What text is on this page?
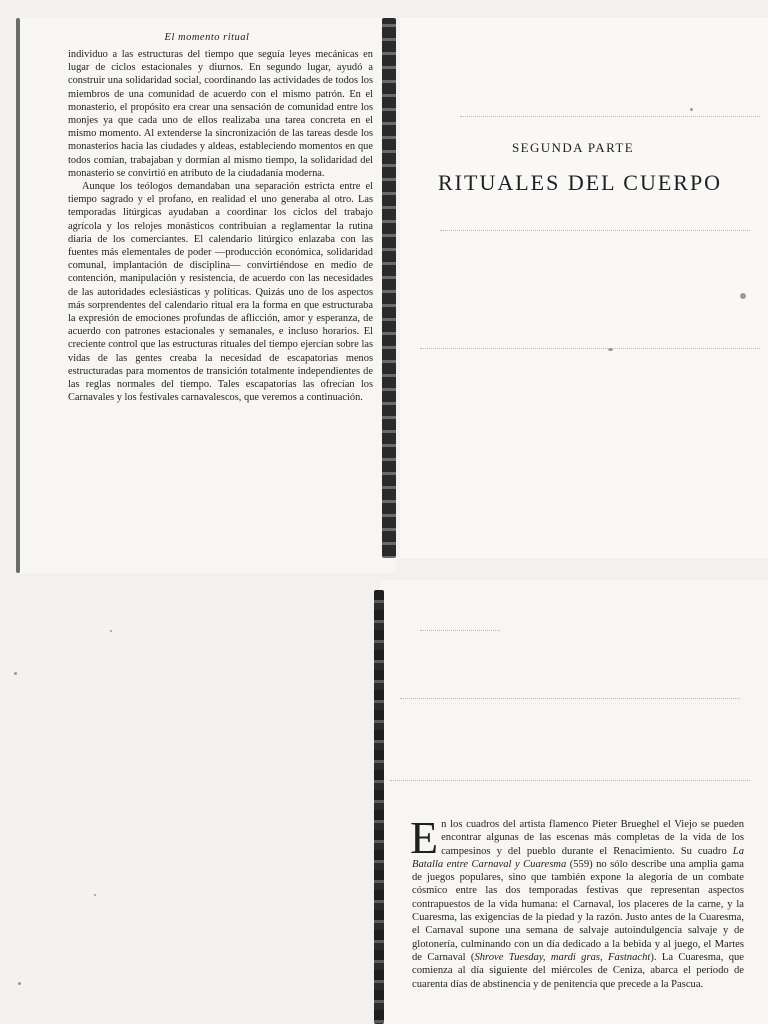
El momento ritual

individuo a las estructuras del tiempo que seguía leyes mecánicas en lugar de ciclos estacionales y diurnos. En segundo lugar, ayudó a construir una solidaridad social, coordinando las actividades de todos los miembros de una comunidad de acuerdo con el mismo patrón. En el monasterio, el propósito era crear una sensación de comunidad entre los monjes ya que cada uno de ellos realizaba una tarea concreta en el mismo momento. Al extenderse la sincronización de las tareas desde los monasterios hacia las ciudades y aldeas, estableciendo momentos en que todos comían, trabajaban y dormían al mismo tiempo, la solidaridad del monasterio se convirtió en atributo de la ciudadanía moderna.

Aunque los teólogos demandaban una separación estricta entre el tiempo sagrado y el profano, en realidad el uno generaba al otro. Las temporadas litúrgicas ayudaban a coordinar los ciclos del trabajo agrícola y los relojes monásticos contribuían a reglamentar la rutina diaria de los comerciantes. El calendario litúrgico enlazaba con las fuentes más elementales de poder —producción económica, solidaridad comunal, implantación de disciplina— convirtiéndose en medio de contención, manipulación y resistencia, de acuerdo con las necesidades de las autoridades eclesiásticas y políticas. Quizás uno de los aspectos más sorprendentes del calendario ritual era la forma en que estructuraba la expresión de emociones profundas de aflicción, amor y esperanza, de acuerdo con patrones estacionales y semanales, e incluso horarios. El creciente control que las estructuras rituales del tiempo ejercían sobre las vidas de las gentes creaba la necesidad de escapatorias menos estructuradas para momentos de transición totalmente independientes de las reglas normales del tiempo. Tales escapatorias las ofrecían los Carnavales y los festivales carnavalescos, que veremos a continuación.

SEGUNDA PARTE
RITUALES DEL CUERPO
En los cuadros del artista flamenco Pieter Brueghel el Viejo se pueden encontrar algunas de las escenas más completas de la vida de los campesinos y del pueblo durante el Renacimiento. Su cuadro La Batalla entre Carnaval y Cuaresma (559) no sólo describe una amplia gama de juegos populares, sino que también expone la alegoría de un combate cósmico entre las dos temporadas festivas que representan aspectos contrapuestos de la vida humana: el Carnaval, los placeres de la carne, y la Cuaresma, las exigencias de la piedad y la razón. Justo antes de la Cuaresma, el Carnaval supone una semana de salvaje autoindulgencia salvaje y de glotonería, culminando con un día dedicado a la bebida y al juego, el Martes de Carnaval (Shrove Tuesday, mardi gras, Fastnacht). La Cuaresma, que comienza al día siguiente del miércoles de Ceniza, abarca el período de cuarenta días de abstinencia y de penitencia que precede a la Pascua.
